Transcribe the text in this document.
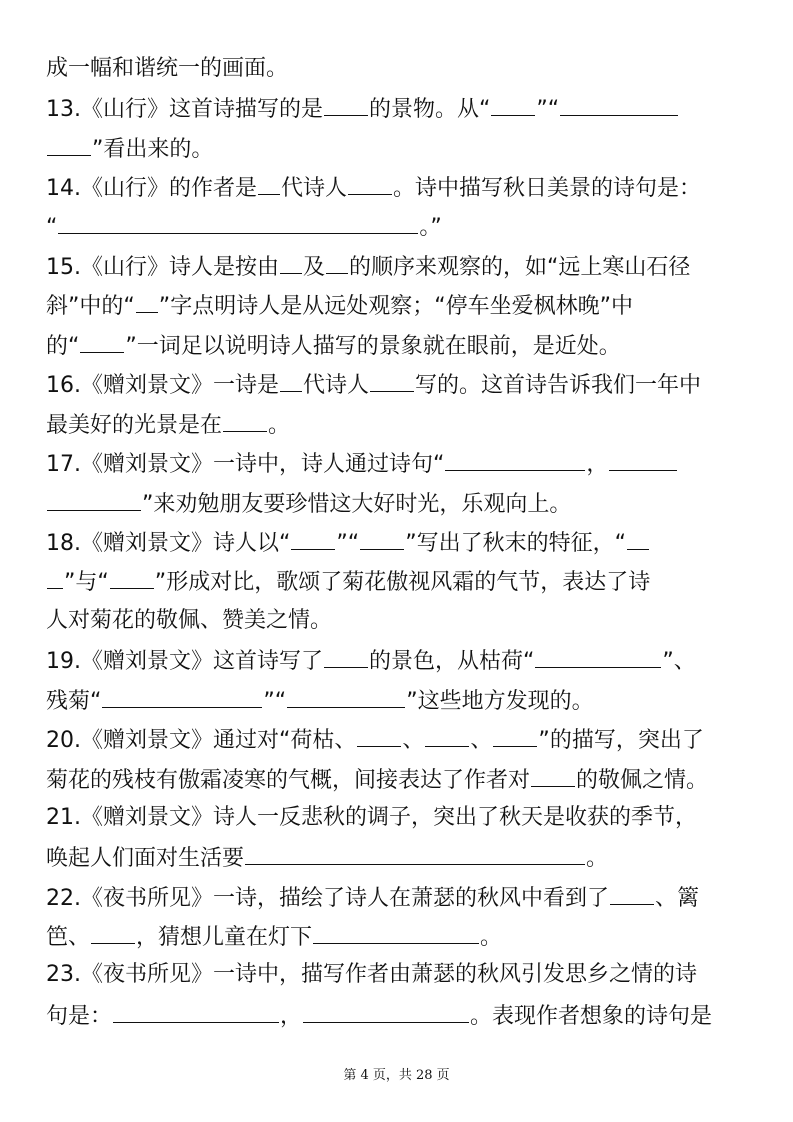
成一幅和谐统一的画面。
13.《山行》这首诗描写的是 的景物。从“ ”“
”看出来的。
14.《山行》的作者是 代诗人 。诗中描写秋日美景的诗句是：
“	。”
15.《山行》诗人是按由 及 的顺序来观察的，如“远上寒山石径
斜”中的“ ”字点明诗人是从远处观察；“停车坐爱枫林晚”中
的“ ”一词足以说明诗人描写的景象就在眼前，是近处。
16.《赠刘景文》一诗是 代诗人 写的。这首诗告诉我们一年中
最美好的光景是在 。
17.《赠刘景文》一诗中，诗人通过诗句“	，
”来劝勉朋友要珍惜这大好时光，乐观向上。
18.《赠刘景文》诗人以“ ”“ ”写出了秋末的特征，“
”与“ ”形成对比，歌颂了菊花傲视风霜的气节，表达了诗
人对菊花的敬佩、赞美之情。
19.《赠刘景文》这首诗写了 的景色，从枯荷“	”、
残菊“	”“	”这些地方发现的。
20.《赠刘景文》通过对“荷枯、 、 、 ”的描写，突出了
菊花的残枝有傲霜凌寒的气概，间接表达了作者对 的敬佩之情。
21.《赠刘景文》诗人一反悲秋的调子，突出了秋天是收获的季节，
唤起人们面对生活要	。
22.《夜书所见》一诗，描绘了诗人在萧瑟的秋风中看到了 、篱
笆、 ，猜想儿童在灯下	。
23.《夜书所见》一诗中，描写作者由萧瑟的秋风引发思乡之情的诗
句是：	，	。表现作者想象的诗句是
第 4 页，共 28 页
